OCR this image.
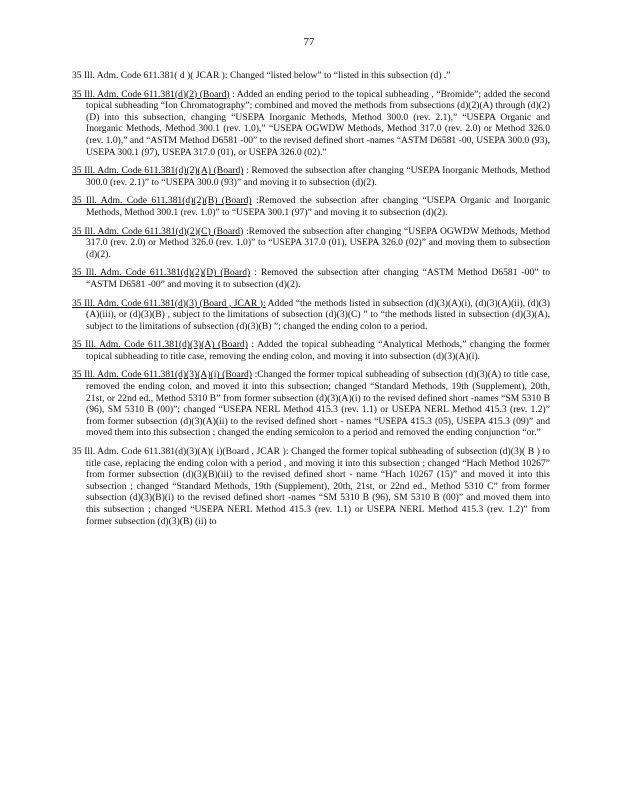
77

35 Ill. Adm. Code 611.381( d )( JCAR ): Changed “listed below” to “listed in this subsection (d) .”

35 Ill. Adm. Code 611.381(d)(2) (Board) : Added an ending period to the topical subheading , “Bromide”; added the second topical subheading “Ion Chromatography”; combined and moved the methods from subsections (d)(2)(A) through (d)(2)(D) into this subsection, changing “USEPA Inorganic Methods, Method 300.0 (rev. 2.1),” “USEPA Organic and Inorganic Methods, Method 300.1 (rev. 1.0),” “USEPA OGWDW Methods, Method 317.0 (rev. 2.0) or Method 326.0 (rev. 1.0),” and “ASTM Method D6581 -00” to the revised defined short -names “ASTM D6581 -00, USEPA 300.0 (93), USEPA 300.1 (97), USEPA 317.0 (01), or USEPA 326.0 (02).”

35 Ill. Adm. Code 611.381(d)(2)(A) (Board) : Removed the subsection after changing “USEPA Inorganic Methods, Method 300.0 (rev. 2.1)” to “USEPA 300.0 (93)” and moving it to subsection (d)(2).

35 Ill. Adm. Code 611.381(d)(2)(B) (Board) :Removed the subsection after changing “USEPA Organic and Inorganic Methods, Method 300.1 (rev. 1.0)” to “USEPA 300.1 (97)” and moving it to subsection (d)(2).

35 Ill. Adm. Code 611.381(d)(2)(C) (Board) :Removed the subsection after changing “USEPA OGWDW Methods, Method 317.0 (rev. 2.0) or Method 326.0 (rev. 1.0)” to “USEPA 317.0 (01), USEPA 326.0 (02)” and moving them to subsection (d)(2).

35 Ill. Adm. Code 611.381(d)(2)(D) (Board) : Removed the subsection after changing “ASTM Method D6581 -00” to “ASTM D6581 -00” and moving it to subsection (d)(2).

35 Ill. Adm. Code 611.381(d)(3) (Board , JCAR ): Added “the methods listed in subsection (d)(3)(A)(i), (d)(3)(A)(ii), (d)(3)(A)(iii), or (d)(3)(B) , subject to the limitations of subsection (d)(3)(C) ” to “the methods listed in subsection (d)(3)(A), subject to the limitations of subsection (d)(3)(B) ”; changed the ending colon to a period.

35 Ill. Adm. Code 611.381(d)(3)(A) (Board) : Added the topical subheading “Analytical Methods,” changing the former topical subheading to title case, removing the ending colon, and moving it into subsection (d)(3)(A)(i).

35 Ill. Adm. Code 611.381(d)(3)(A)(i) (Board) :Changed the former topical subheading of subsection (d)(3)(A) to title case, removed the ending colon, and moved it into this subsection; changed “Standard Methods, 19th (Supplement), 20th, 21st, or 22nd ed., Method 5310 B” from former subsection (d)(3)(A)(i) to the revised defined short -names “SM 5310 B (96), SM 5310 B (00)”; changed “USEPA NERL Method 415.3 (rev. 1.1) or USEPA NERL Method 415.3 (rev. 1.2)” from former subsection (d)(3)(A)(ii) to the revised defined short - names “USEPA 415.3 (05), USEPA 415.3 (09)” and moved them into this subsection ; changed the ending semicolon to a period and removed the ending conjunction “or.”

35 Ill. Adm. Code 611.381(d)(3)(A)( i)(Board , JCAR ): Changed the former topical subheading of subsection (d)(3)( B ) to title case, replacing the ending colon with a period , and moving it into this subsection ; changed “Hach Method 10267” from former subsection (d)(3)(B)(iii) to the revised defined short - name “Hach 10267 (15)” and moved it into this subsection ; changed “Standard Methods, 19th (Supplement), 20th, 21st, or 22nd ed., Method 5310 C” from former subsection (d)(3)(B)(i) to the revised defined short -names “SM 5310 B (96), SM 5310 B (00)” and moved them into this subsection ; changed “USEPA NERL Method 415.3 (rev. 1.1) or USEPA NERL Method 415.3 (rev. 1.2)” from former subsection (d)(3)(B) (ii) to
